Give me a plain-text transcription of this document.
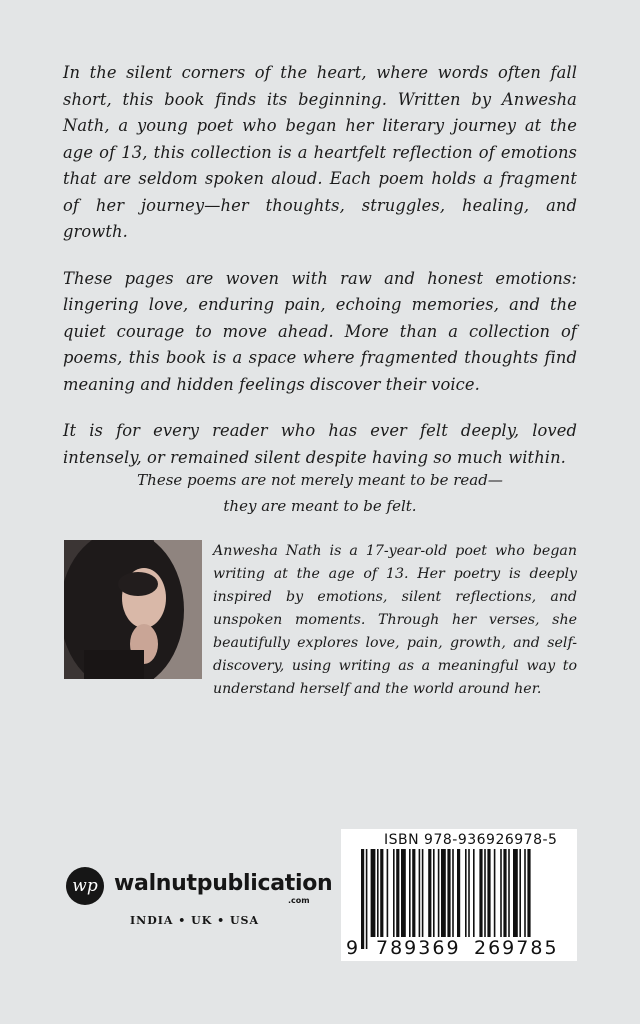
In the silent corners of the heart, where words often fall short, this book finds its beginning. Written by Anwesha Nath, a young poet who began her literary journey at the age of 13, this collection is a heartfelt reflection of emotions that are seldom spoken aloud. Each poem holds a fragment of her journey—her thoughts, struggles, healing, and growth.

These pages are woven with raw and honest emotions: lingering love, enduring pain, echoing memories, and the quiet courage to move ahead. More than a collection of poems, this book is a space where fragmented thoughts find meaning and hidden feelings discover their voice.

It is for every reader who has ever felt deeply, loved intensely, or remained silent despite having so much within.

These poems are not merely meant to be read—
they are meant to be felt.
Anwesha Nath is a 17-year-old poet who began writing at the age of 13. Her poetry is deeply inspired by emotions, silent reflections, and unspoken moments. Through her verses, she beautifully explores love, pain, growth, and self-discovery, using writing as a meaningful way to understand herself and the world around her.
wp walnutpublication
.com
INDIA • UK • USA
ISBN 978-936926978-5
9 789369 269785
